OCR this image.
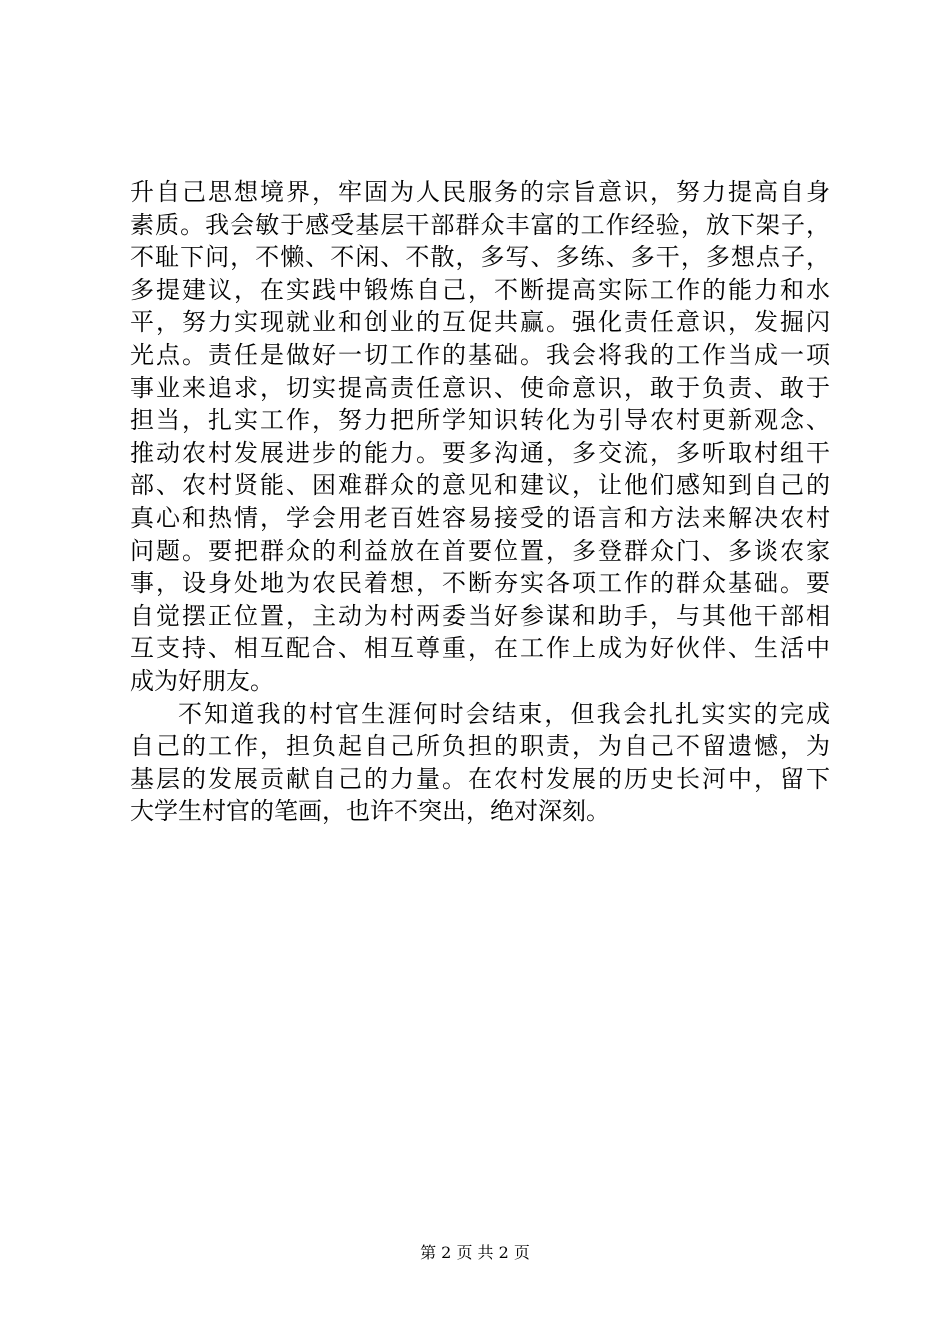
升自己思想境界，牢固为人民服务的宗旨意识，努力提高自身
素质。我会敏于感受基层干部群众丰富的工作经验，放下架子，
不耻下问，不懒、不闲、不散，多写、多练、多干，多想点子，
多提建议，在实践中锻炼自己，不断提高实际工作的能力和水
平，努力实现就业和创业的互促共赢。强化责任意识，发掘闪
光点。责任是做好一切工作的基础。我会将我的工作当成一项
事业来追求，切实提高责任意识、使命意识，敢于负责、敢于
担当，扎实工作，努力把所学知识转化为引导农村更新观念、
推动农村发展进步的能力。要多沟通，多交流，多听取村组干
部、农村贤能、困难群众的意见和建议，让他们感知到自己的
真心和热情，学会用老百姓容易接受的语言和方法来解决农村
问题。要把群众的利益放在首要位置，多登群众门、多谈农家
事，设身处地为农民着想，不断夯实各项工作的群众基础。要
自觉摆正位置，主动为村两委当好参谋和助手，与其他干部相
互支持、相互配合、相互尊重，在工作上成为好伙伴、生活中
成为好朋友。
不知道我的村官生涯何时会结束，但我会扎扎实实的完成
自己的工作，担负起自己所负担的职责，为自己不留遗憾，为
基层的发展贡献自己的力量。在农村发展的历史长河中，留下
大学生村官的笔画，也许不突出，绝对深刻。
第 2 页 共 2 页
